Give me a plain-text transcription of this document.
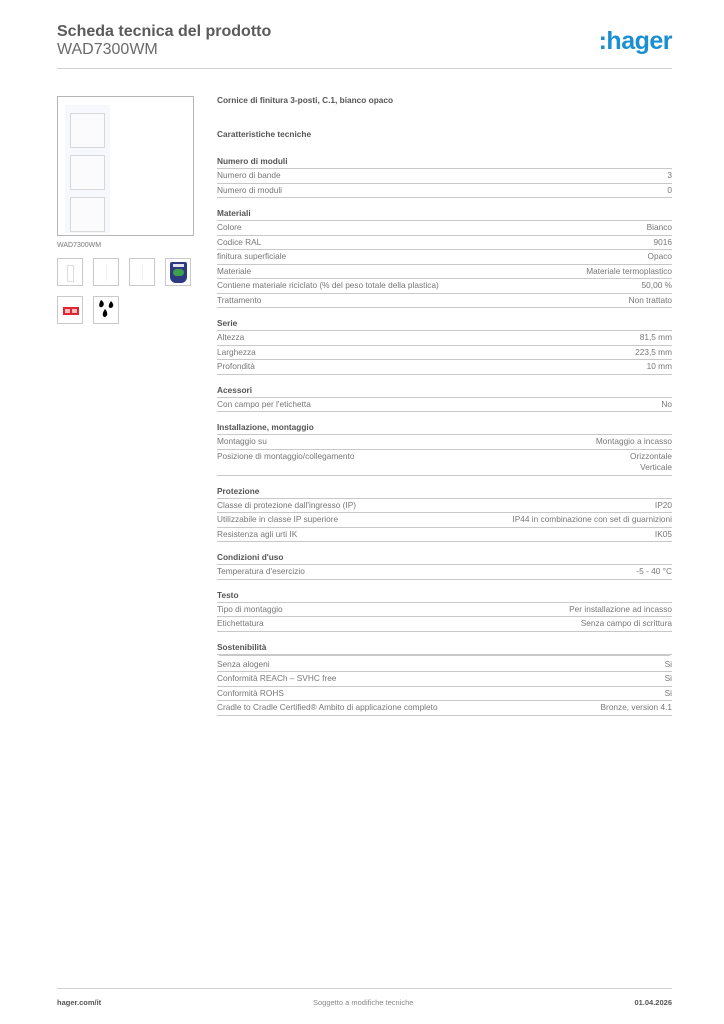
Scheda tecnica del prodotto
WAD7300WM	:hager
WAD7300WM
Cornice di finitura 3-posti, C.1, bianco opaco
Caratteristiche tecniche
Numero di moduli
Numero di bande	3
Numero di moduli	0
Materiali
Colore	Bianco
Codice RAL	9016
finitura superficiale	Opaco
Materiale	Materiale termoplastico
Contiene materiale riciclato (% del peso totale della plastica)	50,00 %
Trattamento	Non trattato
Serie
Altezza	81,5 mm
Larghezza	223,5 mm
Profondità	10 mm
Acessori
Con campo per l'etichetta	No
Installazione, montaggio
Montaggio su	Montaggio a incasso
Posizione di montaggio/collegamento	Orizzontale
Verticale
Protezione
Classe di protezione dall'ingresso (IP)	IP20
Utilizzabile in classe IP superiore	IP44 in combinazione con set di guarnizioni
Resistenza agli urti IK	IK05
Condizioni d'uso
Temperatura d'esercizio	-5 - 40 °C
Testo
Tipo di montaggio	Per installazione ad incasso
Etichettatura	Senza campo di scrittura
Sostenibilità
Senza alogeni	Si
Conformità REACh – SVHC free	Si
Conformità ROHS	Si
Cradle to Cradle Certified® Ambito di applicazione completo	Bronze, version 4.1
hager.com/it	Soggetto a modifiche tecniche	01.04.2026
